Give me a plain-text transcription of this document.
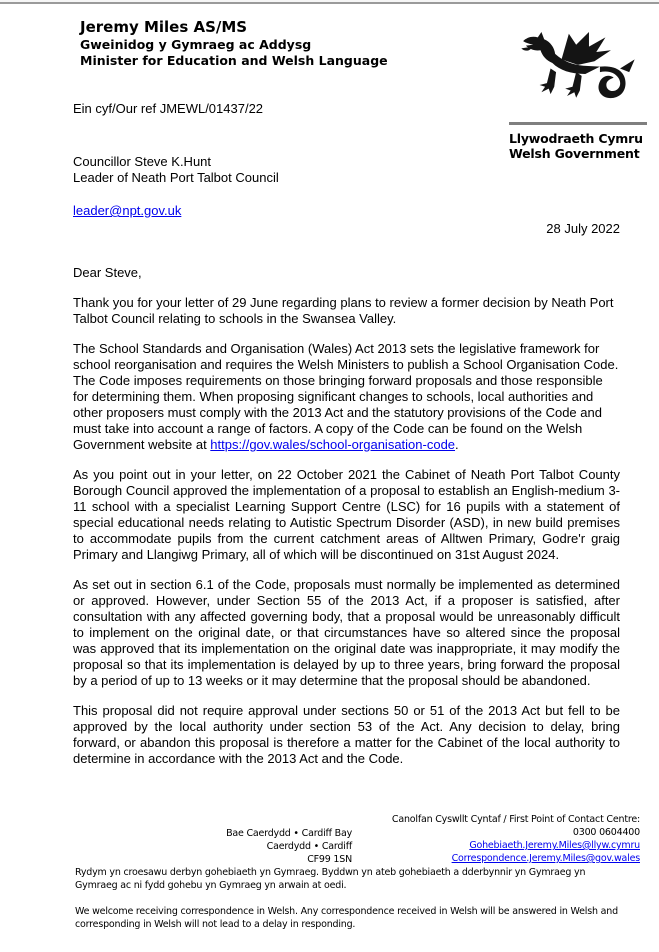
Jeremy Miles AS/MS
Gweinidog y Gymraeg ac Addysg
Minister for Education and Welsh Language
Llywodraeth Cymru
Welsh Government
Ein cyf/Our ref JMEWL/01437/22
Councillor Steve K.Hunt
Leader of Neath Port Talbot Council
leader@npt.gov.uk
28 July 2022
Dear Steve,

Thank you for your letter of 29 June regarding plans to review a former decision by Neath Port Talbot Council relating to schools in the Swansea Valley.

The School Standards and Organisation (Wales) Act 2013 sets the legislative framework for school reorganisation and requires the Welsh Ministers to publish a School Organisation Code. The Code imposes requirements on those bringing forward proposals and those responsible for determining them. When proposing significant changes to schools, local authorities and other proposers must comply with the 2013 Act and the statutory provisions of the Code and must take into account a range of factors. A copy of the Code can be found on the Welsh Government website at https://gov.wales/school-organisation-code.

As you point out in your letter, on 22 October 2021 the Cabinet of Neath Port Talbot County Borough Council approved the implementation of a proposal to establish an English-medium 3-11 school with a specialist Learning Support Centre (LSC) for 16 pupils with a statement of special educational needs relating to Autistic Spectrum Disorder (ASD), in new build premises to accommodate pupils from the current catchment areas of Alltwen Primary, Godre'r graig Primary and Llangiwg Primary, all of which will be discontinued on 31st August 2024.

As set out in section 6.1 of the Code, proposals must normally be implemented as determined or approved. However, under Section 55 of the 2013 Act, if a proposer is satisfied, after consultation with any affected governing body, that a proposal would be unreasonably difficult to implement on the original date, or that circumstances have so altered since the proposal was approved that its implementation on the original date was inappropriate, it may modify the proposal so that its implementation is delayed by up to three years, bring forward the proposal by a period of up to 13 weeks or it may determine that the proposal should be abandoned.

This proposal did not require approval under sections 50 or 51 of the 2013 Act but fell to be approved by the local authority under section 53 of the Act. Any decision to delay, bring forward, or abandon this proposal is therefore a matter for the Cabinet of the local authority to determine in accordance with the 2013 Act and the Code.

Canolfan Cyswllt Cyntaf / First Point of Contact Centre:
0300 0604400
Gohebiaeth.Jeremy.Miles@llyw.cymru
Correspondence.Jeremy.Miles@gov.wales
Bae Caerdydd • Cardiff Bay
Caerdydd • Cardiff
CF99 1SN
Rydym yn croesawu derbyn gohebiaeth yn Gymraeg. Byddwn yn ateb gohebiaeth a dderbynnir yn Gymraeg yn Gymraeg ac ni fydd gohebu yn Gymraeg yn arwain at oedi.
We welcome receiving correspondence in Welsh. Any correspondence received in Welsh will be answered in Welsh and corresponding in Welsh will not lead to a delay in responding.
